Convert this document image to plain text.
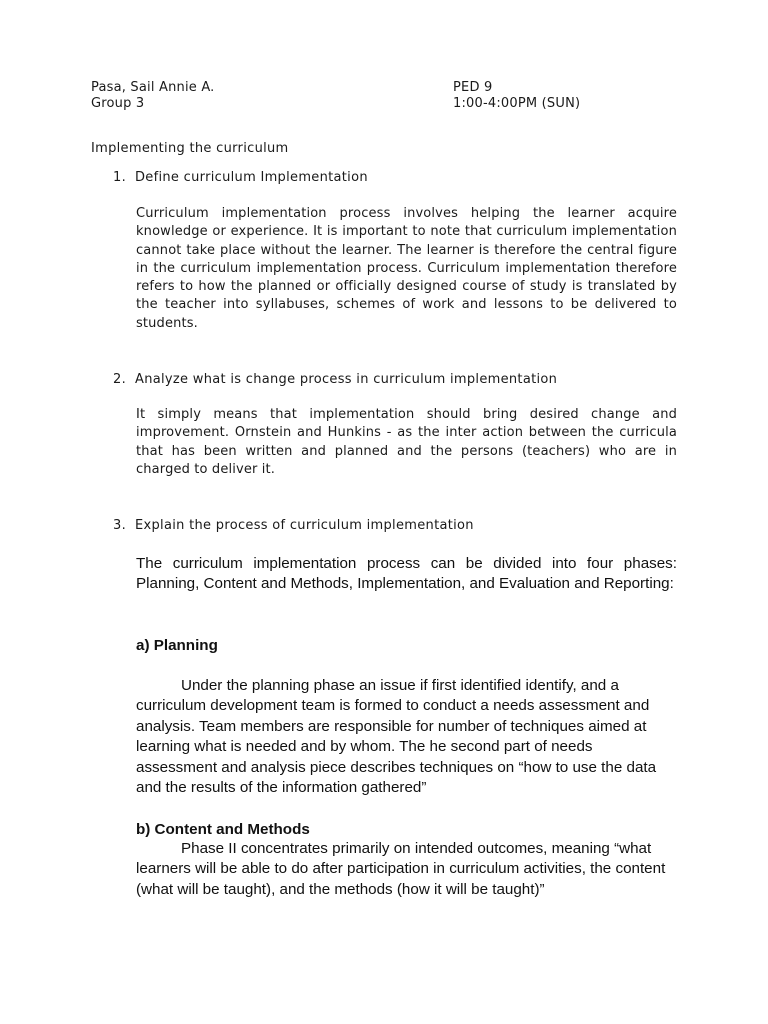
Pasa, Sail Annie A.
Group 3
PED 9
1:00-4:00PM (SUN)
Implementing the curriculum
1. Define curriculum Implementation
Curriculum implementation process involves helping the learner acquire knowledge or experience. It is important to note that curriculum implementation cannot take place without the learner. The learner is therefore the central figure in the curriculum implementation process. Curriculum implementation therefore refers to how the planned or officially designed course of study is translated by the teacher into syllabuses, schemes of work and lessons to be delivered to students.
2. Analyze what is change process in curriculum implementation
It simply means that implementation should bring desired change and improvement. Ornstein and Hunkins - as the inter action between the curricula that has been written and planned and the persons (teachers) who are in charged to deliver it.
3. Explain the process of curriculum implementation
The curriculum implementation process can be divided into four phases: Planning, Content and Methods, Implementation, and Evaluation and Reporting:
a) Planning
Under the planning phase an issue if first identified identify, and a curriculum development team is formed to conduct a needs assessment and analysis. Team members are responsible for number of techniques aimed at learning what is needed and by whom. The he second part of needs assessment and analysis piece describes techniques on “how to use the data and the results of the information gathered”
b) Content and Methods
Phase II concentrates primarily on intended outcomes, meaning “what learners will be able to do after participation in curriculum activities, the content (what will be taught), and the methods (how it will be taught)”
